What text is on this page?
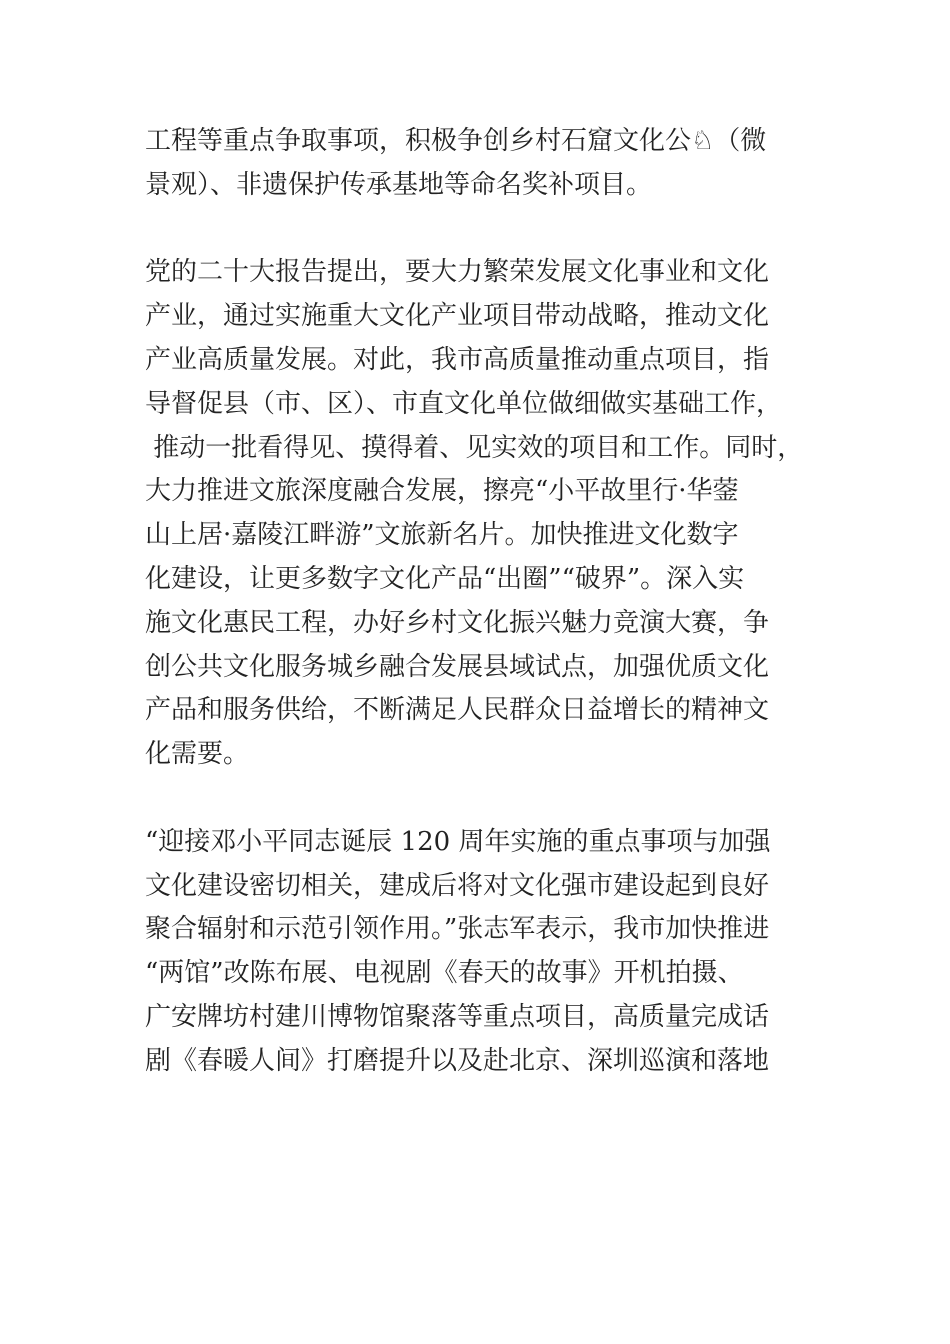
工程等重点争取事项，积极争创乡村石窟文化公♘（微
景观）、非遗保护传承基地等命名奖补项目。
党的二十大报告提出，要大力繁荣发展文化事业和文化
产业，通过实施重大文化产业项目带动战略，推动文化
产业高质量发展。对此，我市高质量推动重点项目，指
导督促县（市、区）、市直文化单位做细做实基础工作，
推动一批看得见、摸得着、见实效的项目和工作。同时，
大力推进文旅深度融合发展，擦亮“小平故里行·华蓥
山上居·嘉陵江畔游”文旅新名片。加快推进文化数字
化建设，让更多数字文化产品“出圈”“破界”。深入实
施文化惠民工程，办好乡村文化振兴魅力竞演大赛，争
创公共文化服务城乡融合发展县域试点，加强优质文化
产品和服务供给，不断满足人民群众日益增长的精神文
化需要。
“迎接邓小平同志诞辰 120 周年实施的重点事项与加强
文化建设密切相关，建成后将对文化强市建设起到良好
聚合辐射和示范引领作用。”张志军表示，我市加快推进
“两馆”改陈布展、电视剧《春天的故事》开机拍摄、
广安牌坊村建川博物馆聚落等重点项目，高质量完成话
剧《春暖人间》打磨提升以及赴北京、深圳巡演和落地
